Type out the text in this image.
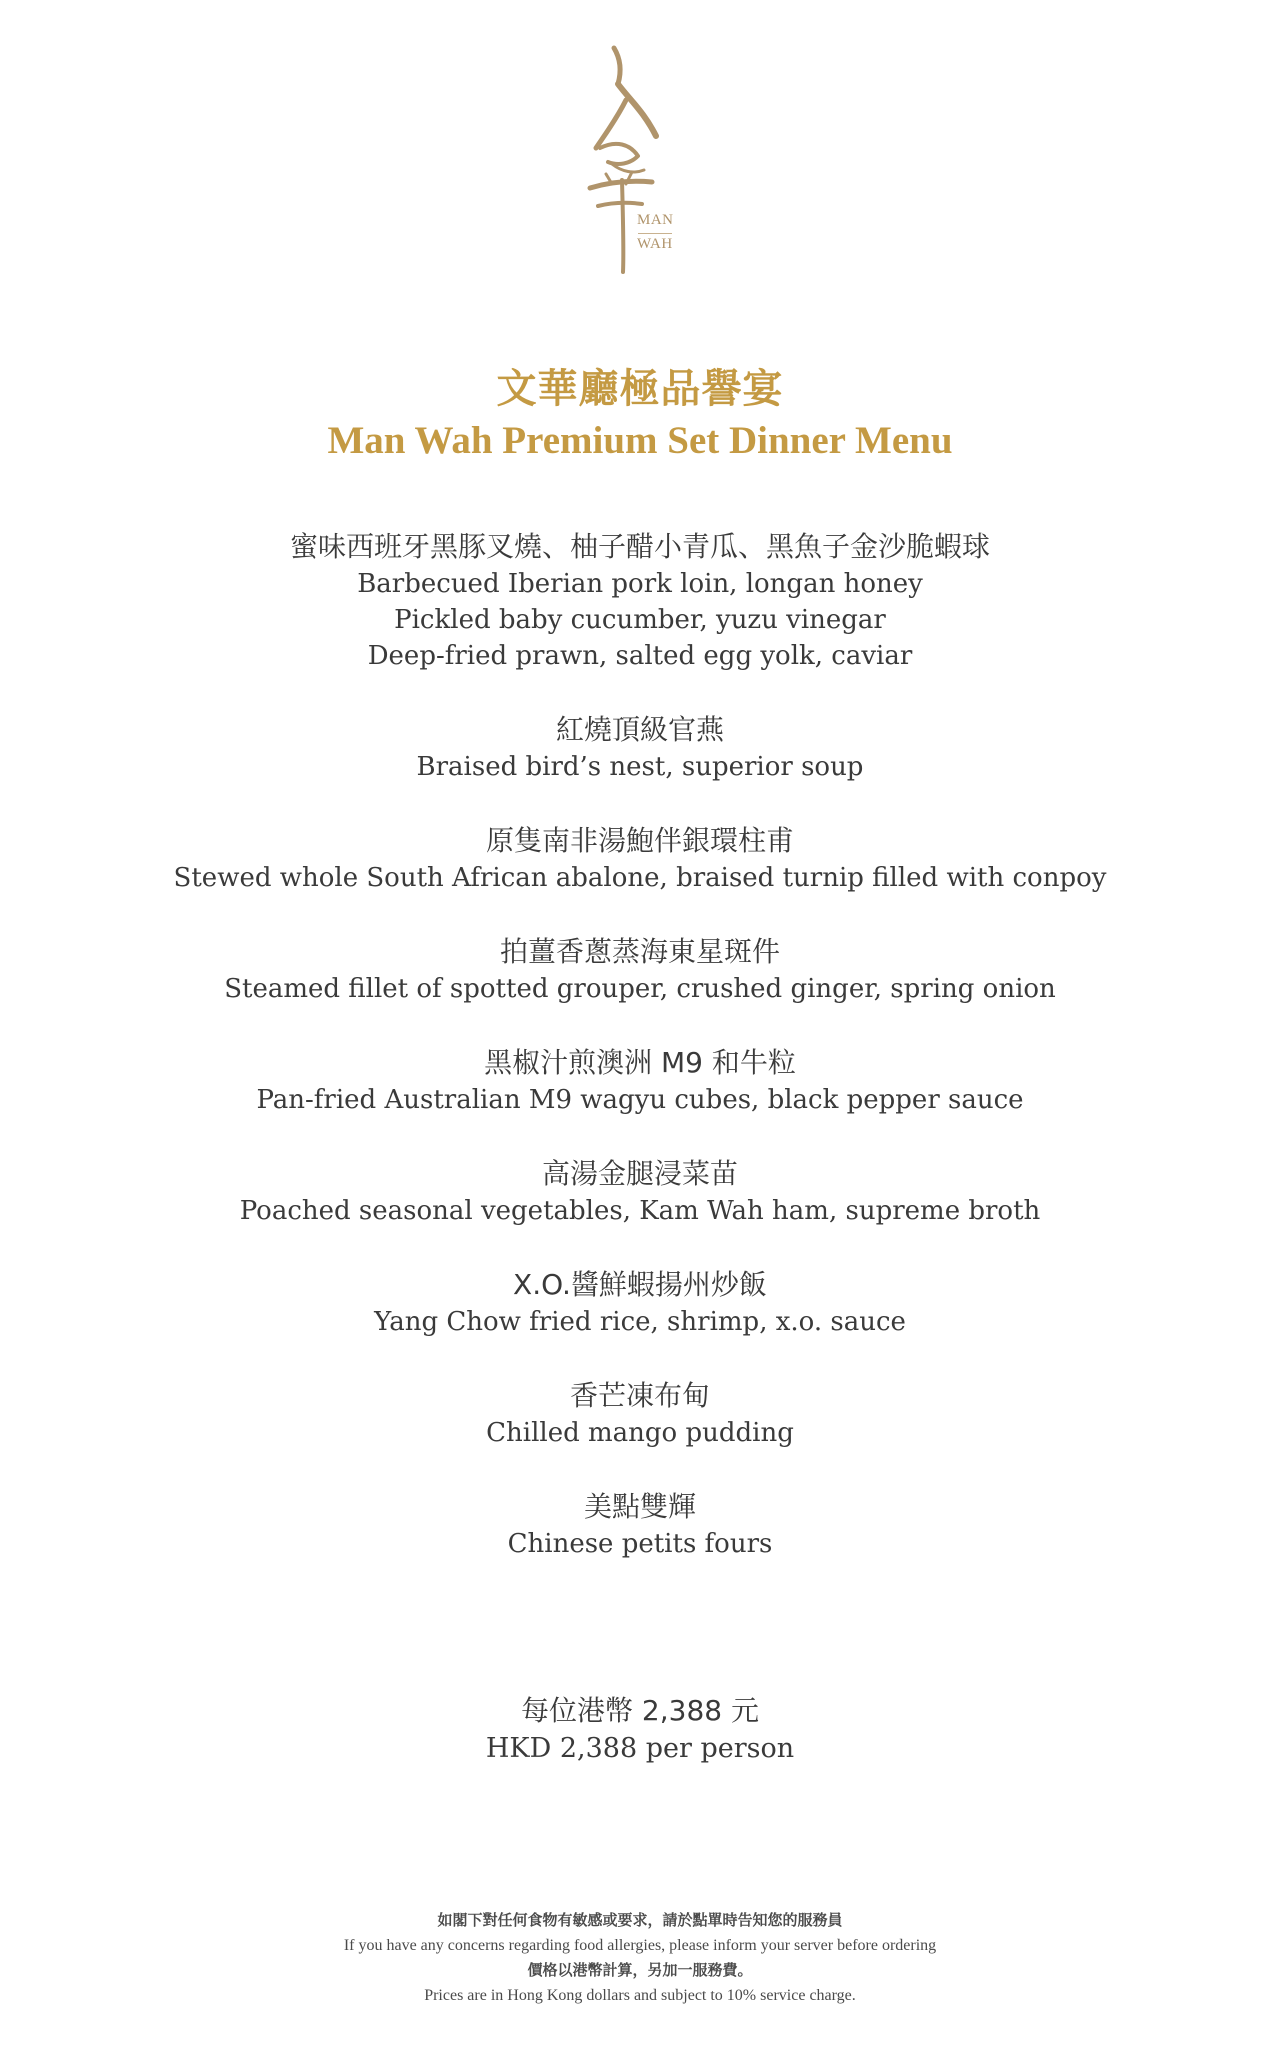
MAN
WAH
文華廳極品譽宴
Man Wah Premium Set Dinner Menu
蜜味西班牙黑豚叉燒、柚子醋小青瓜、黑魚子金沙脆蝦球
Barbecued Iberian pork loin, longan honey
Pickled baby cucumber, yuzu vinegar
Deep-fried prawn, salted egg yolk, caviar
紅燒頂級官燕
Braised bird’s nest, superior soup
原隻南非湯鮑伴銀環柱甫
Stewed whole South African abalone, braised turnip filled with conpoy
拍薑香蔥蒸海東星斑件
Steamed fillet of spotted grouper, crushed ginger, spring onion
黑椒汁煎澳洲 M9 和牛粒
Pan-fried Australian M9 wagyu cubes, black pepper sauce
高湯金腿浸菜苗
Poached seasonal vegetables, Kam Wah ham, supreme broth
X.O.醬鮮蝦揚州炒飯
Yang Chow fried rice, shrimp, x.o. sauce
香芒凍布甸
Chilled mango pudding
美點雙輝
Chinese petits fours
每位港幣 2,388 元
HKD 2,388 per person
如閣下對任何食物有敏感或要求，請於點單時告知您的服務員
If you have any concerns regarding food allergies, please inform your server before ordering
價格以港幣計算，另加一服務費。
Prices are in Hong Kong dollars and subject to 10% service charge.
